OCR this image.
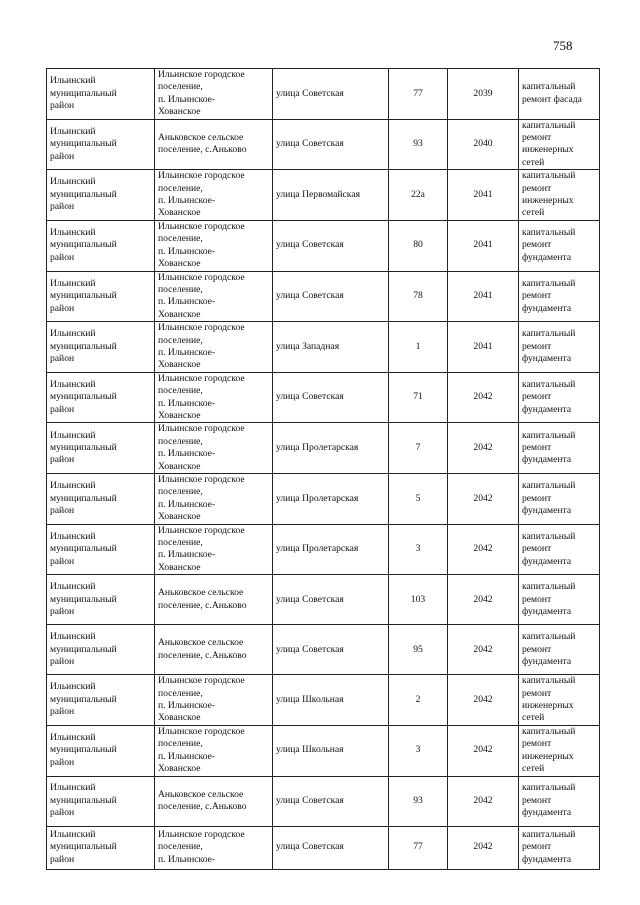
758
Ильинский
муниципальный
район	Ильинское городское
поселение,
п. Ильинское-
Хованское	улица Советская	77	2039	капитальный
ремонт фасада
Ильинский
муниципальный
район	Аньковское сельское
поселение, с.Аньково	улица Советская	93	2040	капитальный
ремонт
инженерных
сетей
Ильинский
муниципальный
район	Ильинское городское
поселение,
п. Ильинское-
Хованское	улица Первомайская	22а	2041	капитальный
ремонт
инженерных
сетей
Ильинский
муниципальный
район	Ильинское городское
поселение,
п. Ильинское-
Хованское	улица Советская	80	2041	капитальный
ремонт
фундамента
Ильинский
муниципальный
район	Ильинское городское
поселение,
п. Ильинское-
Хованское	улица Советская	78	2041	капитальный
ремонт
фундамента
Ильинский
муниципальный
район	Ильинское городское
поселение,
п. Ильинское-
Хованское	улица Западная	1	2041	капитальный
ремонт
фундамента
Ильинский
муниципальный
район	Ильинское городское
поселение,
п. Ильинское-
Хованское	улица Советская	71	2042	капитальный
ремонт
фундамента
Ильинский
муниципальный
район	Ильинское городское
поселение,
п. Ильинское-
Хованское	улица Пролетарская	7	2042	капитальный
ремонт
фундамента
Ильинский
муниципальный
район	Ильинское городское
поселение,
п. Ильинское-
Хованское	улица Пролетарская	5	2042	капитальный
ремонт
фундамента
Ильинский
муниципальный
район	Ильинское городское
поселение,
п. Ильинское-
Хованское	улица Пролетарская	3	2042	капитальный
ремонт
фундамента
Ильинский
муниципальный
район	Аньковское сельское
поселение, с.Аньково	улица Советская	103	2042	капитальный
ремонт
фундамента
Ильинский
муниципальный
район	Аньковское сельское
поселение, с.Аньково	улица Советская	95	2042	капитальный
ремонт
фундамента
Ильинский
муниципальный
район	Ильинское городское
поселение,
п. Ильинское-
Хованское	улица Школьная	2	2042	капитальный
ремонт
инженерных
сетей
Ильинский
муниципальный
район	Ильинское городское
поселение,
п. Ильинское-
Хованское	улица Школьная	3	2042	капитальный
ремонт
инженерных
сетей
Ильинский
муниципальный
район	Аньковское сельское
поселение, с.Аньково	улица Советская	93	2042	капитальный
ремонт
фундамента
Ильинский
муниципальный
район	Ильинское городское
поселение,
п. Ильинское-	улица Советская	77	2042	капитальный
ремонт
фундамента
